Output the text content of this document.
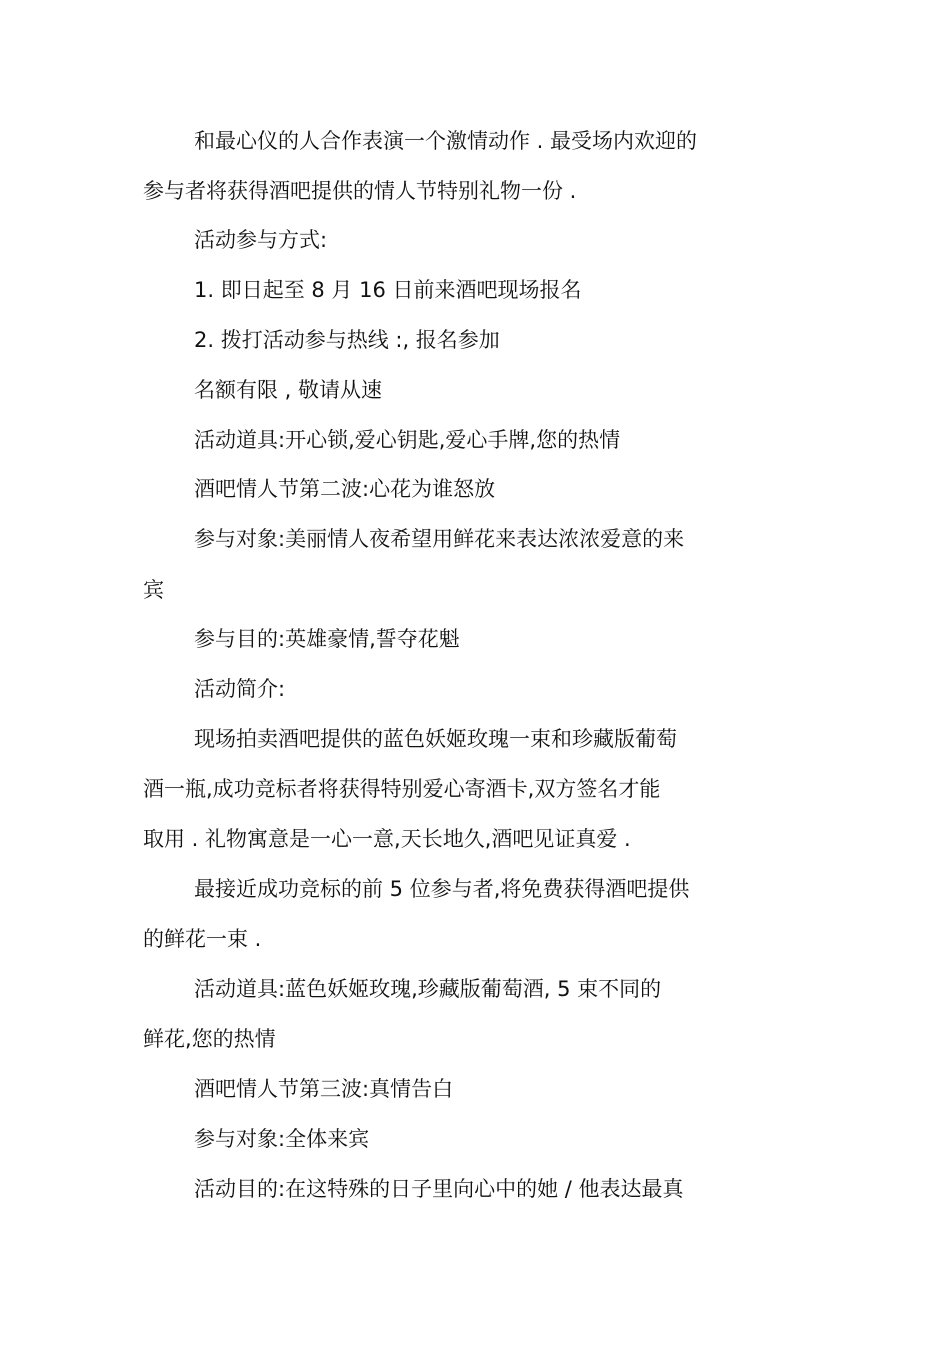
和最心仪的人合作表演一个激情动作 . 最受场内欢迎的

参与者将获得酒吧提供的情人节特别礼物一份 .

活动参与方式:

1. 即日起至 8 月 16 日前来酒吧现场报名

2. 拨打活动参与热线 :, 报名参加

名额有限 , 敬请从速

活动道具:开心锁,爱心钥匙,爱心手牌,您的热情

酒吧情人节第二波:心花为谁怒放

参与对象:美丽情人夜希望用鲜花来表达浓浓爱意的来

宾

参与目的:英雄豪情,誓夺花魁

活动简介:

现场拍卖酒吧提供的蓝色妖姬玫瑰一束和珍藏版葡萄

酒一瓶,成功竞标者将获得特别爱心寄酒卡,双方签名才能

取用 . 礼物寓意是一心一意,天长地久,酒吧见证真爱 .

最接近成功竞标的前 5 位参与者,将免费获得酒吧提供

的鲜花一束 .

活动道具:蓝色妖姬玫瑰,珍藏版葡萄酒, 5 束不同的

鲜花,您的热情

酒吧情人节第三波:真情告白

参与对象:全体来宾

活动目的:在这特殊的日子里向心中的她 / 他表达最真
